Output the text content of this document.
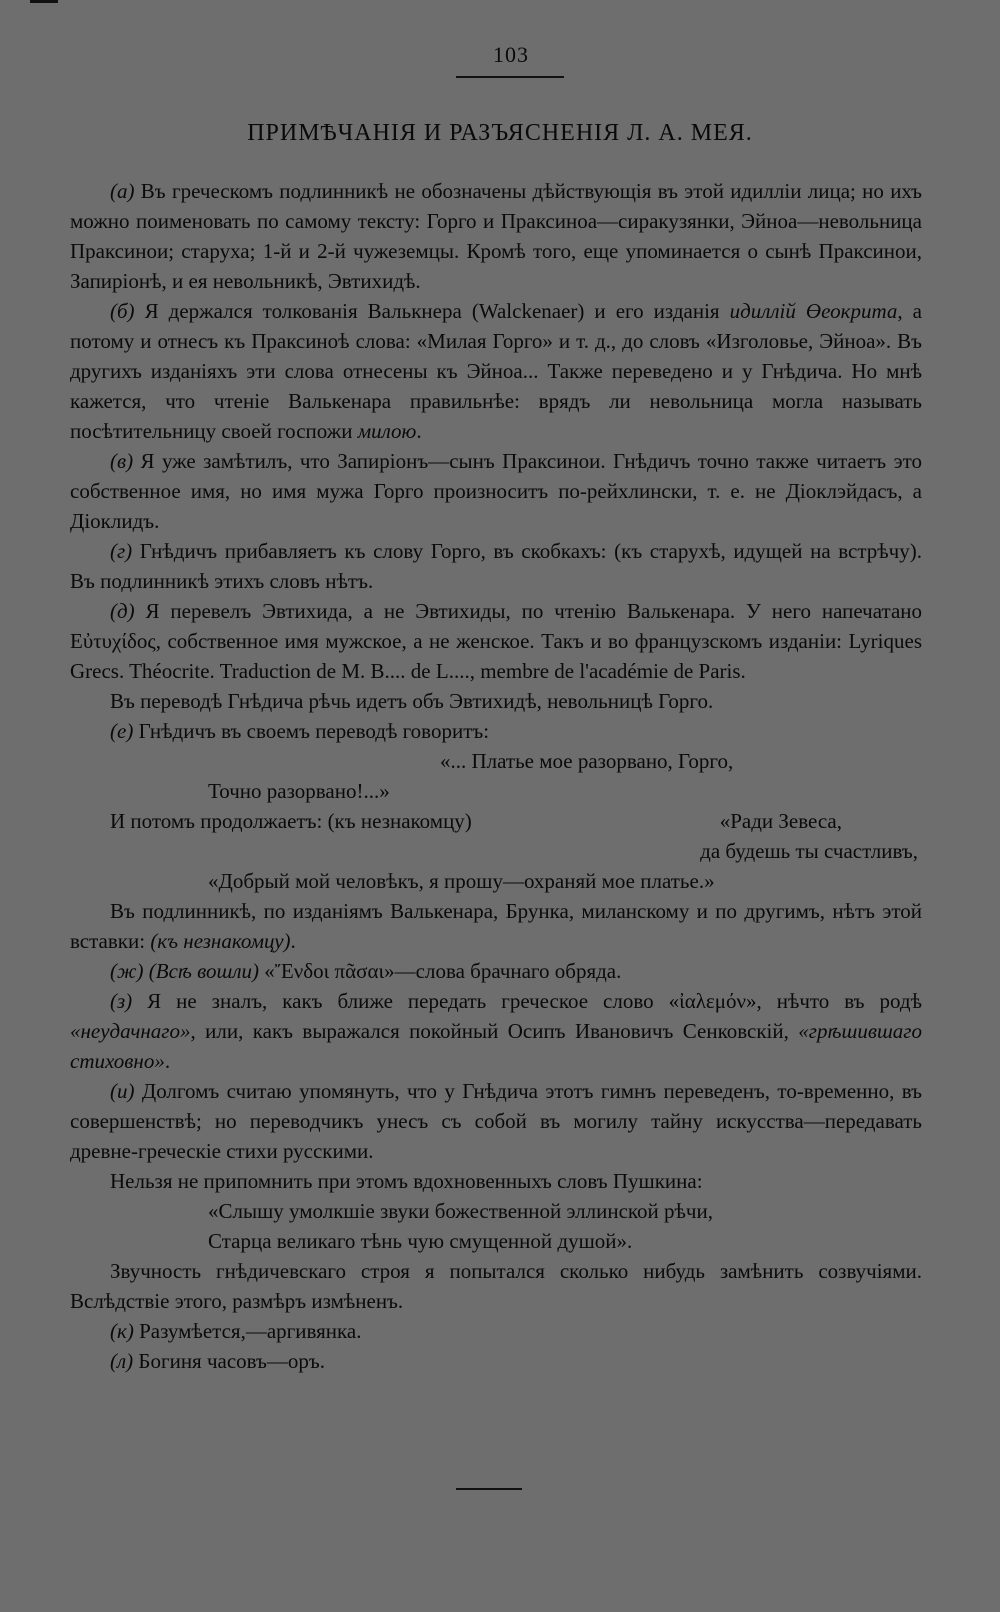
103
ПРИМѢЧАНІЯ И РАЗЪЯСНЕНІЯ Л. А. МЕЯ.

(а) Въ греческомъ подлинникѣ не обозначены дѣйствующія въ этой идилліи лица; но ихъ можно поименовать по самому тексту: Горго и Праксиноа—сиракузянки, Эйноа—невольница Праксинои; старуха; 1-й и 2-й чужеземцы. Кромѣ того, еще упоминается о сынѣ Праксинои, Запиріонѣ, и ея невольникѣ, Эвтихидѣ.

(б) Я держался толкованія Валькнера (Walckenaer) и его изданія идиллій Өеокрита, а потому и отнесъ къ Праксиноѣ слова: «Милая Горго» и т. д., до словъ «Изголовье, Эйноа». Въ другихъ изданіяхъ эти слова отнесены къ Эйноа... Также переведено и у Гнѣдича. Но мнѣ кажется, что чтеніе Валькенара правильнѣе: врядъ ли невольница могла называть посѣтительницу своей госпожи милою.

(в) Я уже замѣтилъ, что Запиріонъ—сынъ Праксинои. Гнѣдичъ точно также читаетъ это собственное имя, но имя мужа Горго произноситъ по-рейхлински, т. е. не Діоклэйдасъ, а Діоклидъ.

(г) Гнѣдичъ прибавляетъ къ слову Горго, въ скобкахъ: (къ старухѣ, идущей на встрѣчу). Въ подлинникѣ этихъ словъ нѣтъ.

(д) Я перевелъ Эвтихида, а не Эвтихиды, по чтенію Валькенара. У него напечатано Εὐτυχίδος, собственное имя мужское, а не женское. Такъ и во французскомъ изданіи: Lyriques Grecs. Théocrite. Traduction de M. B.... de L...., membre de l'académie de Paris.

Въ переводѣ Гнѣдича рѣчь идетъ объ Эвтихидѣ, невольницѣ Горго.

(е) Гнѣдичъ въ своемъ переводѣ говоритъ:

«... Платье мое разорвано, Горго,

Точно разорвано!...»

И потомъ продолжаетъ: (къ незнакомцу)	«Ради Зевеса,

да будешь ты счастливъ,

«Добрый мой человѣкъ, я прошу—охраняй мое платье.»

Въ подлинникѣ, по изданіямъ Валькенара, Брунка, миланскому и по другимъ, нѣтъ этой вставки: (къ незнакомцу).

(ж) (Всѣ вошли) «Ἔνδοι πᾶσαι»—слова брачнаго обряда.

(з) Я не зналъ, какъ ближе передать греческое слово «ἰαλεμόν», нѣчто въ родѣ «неудачнаго», или, какъ выражался покойный Осипъ Ивановичъ Сенковскій, «грѣшившаго стиховно».

(и) Долгомъ считаю упомянуть, что у Гнѣдича этотъ гимнъ переведенъ, то-временно, въ совершенствѣ; но переводчикъ унесъ съ собой въ могилу тайну искусства—передавать древне-греческіе стихи русскими.

Нельзя не припомнить при этомъ вдохновенныхъ словъ Пушкина:

«Слышу умолкшіе звуки божественной эллинской рѣчи,

Старца великаго тѣнь чую смущенной душой».

Звучность гнѣдичевскаго строя я попытался сколько нибудь замѣнить созвучіями. Вслѣдствіе этого, размѣръ измѣненъ.

(к) Разумѣется,—аргивянка.

(л) Богиня часовъ—оръ.
